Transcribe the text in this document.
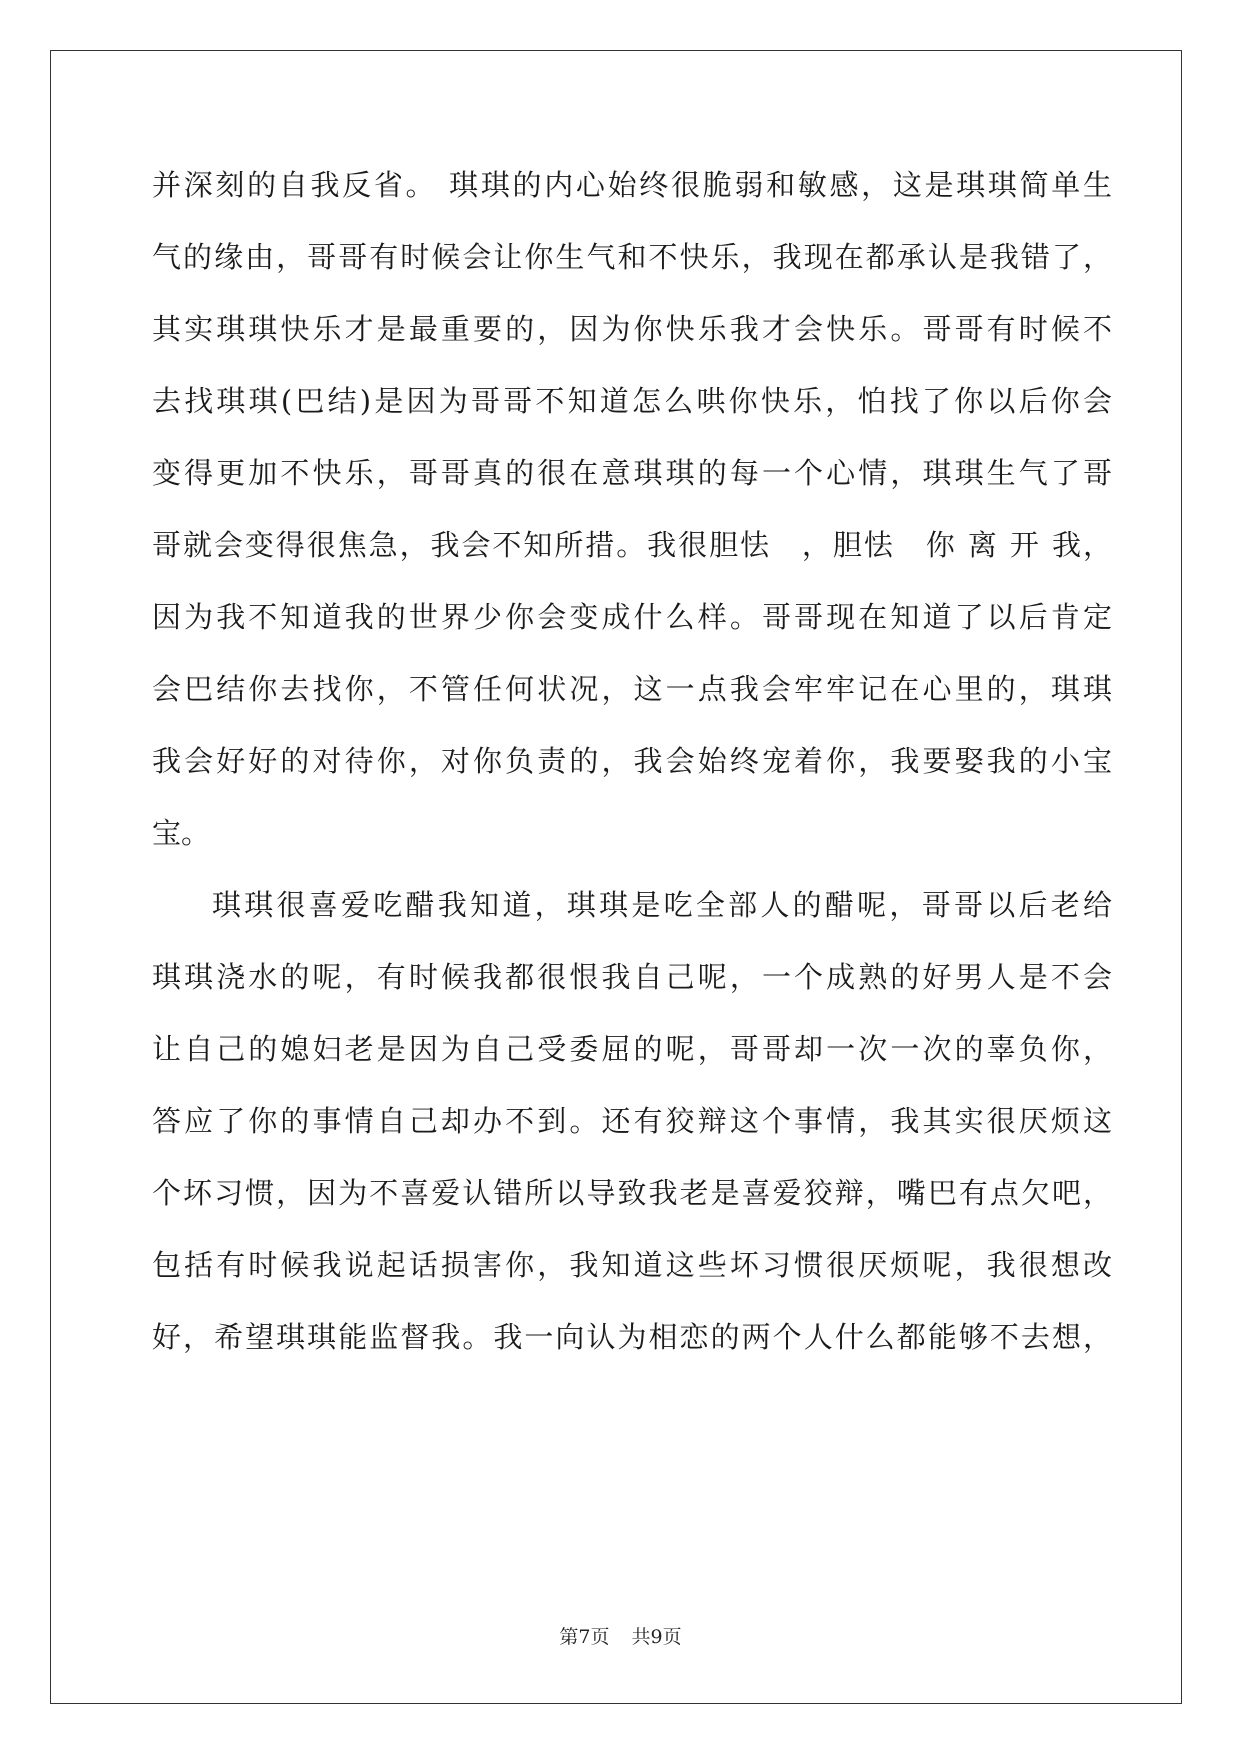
并深刻的自我反省。 琪琪的内心始终很脆弱和敏感，这是琪琪简单生
气的缘由，哥哥有时候会让你生气和不快乐，我现在都承认是我错了，
其实琪琪快乐才是最重要的，因为你快乐我才会快乐。哥哥有时候不
去找琪琪(巴结)是因为哥哥不知道怎么哄你快乐，怕找了你以后你会
变得更加不快乐，哥哥真的很在意琪琪的每一个心情，琪琪生气了哥
哥就会变得很焦急，我会不知所措。我很胆怯　，胆怯　你 离 开 我，
因为我不知道我的世界少你会变成什么样。哥哥现在知道了以后肯定
会巴结你去找你，不管任何状况，这一点我会牢牢记在心里的，琪琪
我会好好的对待你，对你负责的，我会始终宠着你，我要娶我的小宝
宝。
琪琪很喜爱吃醋我知道，琪琪是吃全部人的醋呢，哥哥以后老给
琪琪浇水的呢，有时候我都很恨我自己呢，一个成熟的好男人是不会
让自己的媳妇老是因为自己受委屈的呢，哥哥却一次一次的辜负你，
答应了你的事情自己却办不到。还有狡辩这个事情，我其实很厌烦这
个坏习惯，因为不喜爱认错所以导致我老是喜爱狡辩，嘴巴有点欠吧，
包括有时候我说起话损害你，我知道这些坏习惯很厌烦呢，我很想改
好，希望琪琪能监督我。我一向认为相恋的两个人什么都能够不去想，
第7页 共9页
